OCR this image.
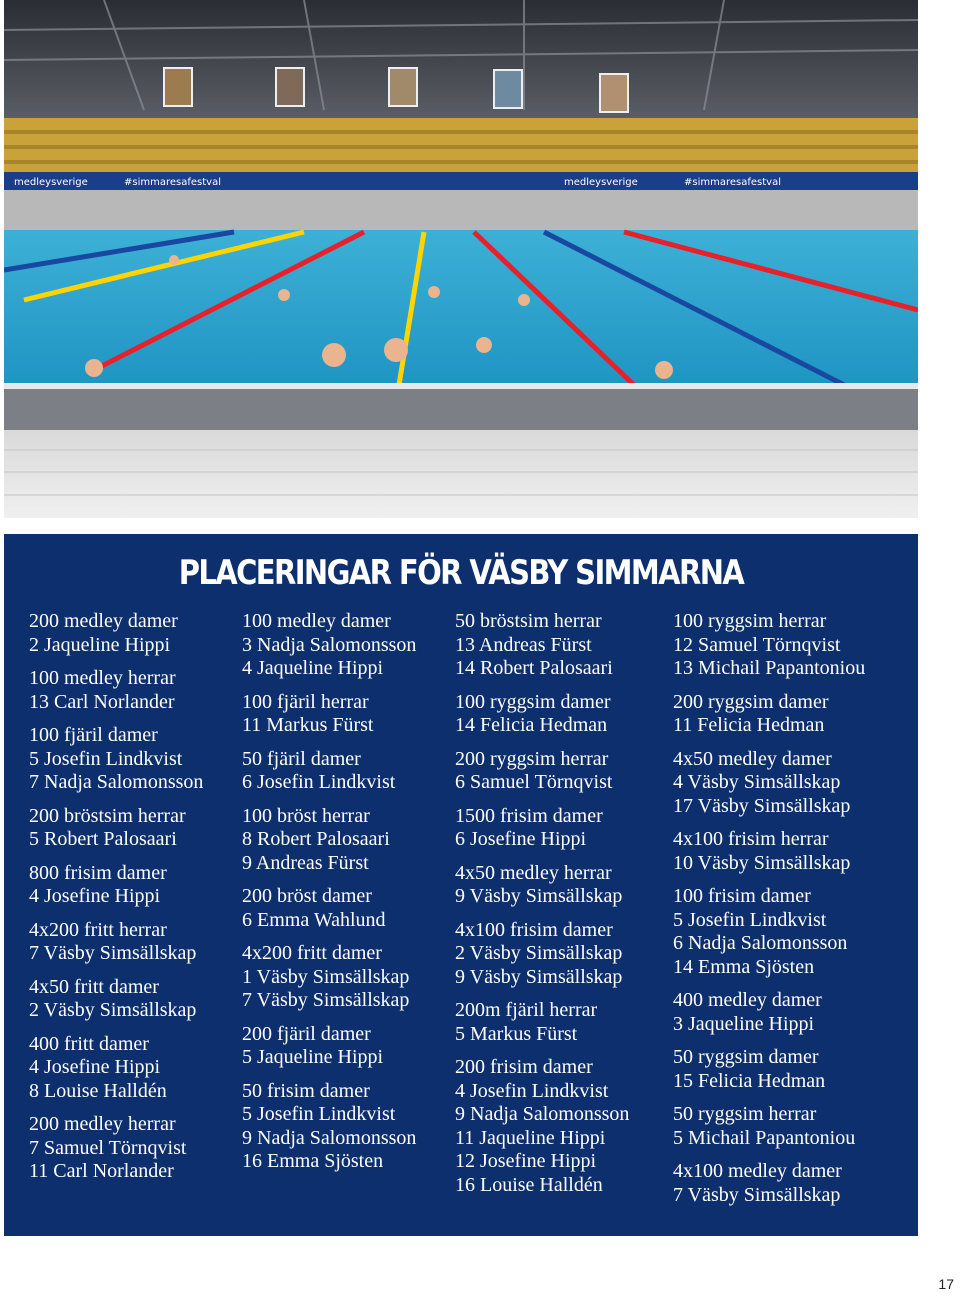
#simmaresafestval
medleysverige	medleysverige	#simmaresafestval
PLACERINGAR FÖR VÄSBY SIMMARNA
200 medley damer
2 Jaqueline Hippi
100 medley herrar
13 Carl Norlander
100 fjäril damer
5 Josefin Lindkvist
7 Nadja Salomonsson
200 bröstsim herrar
5 Robert Palosaari
800 frisim damer
4 Josefine Hippi
4x200 fritt herrar
7 Väsby Simsällskap
4x50 fritt damer
2 Väsby Simsällskap
400 fritt damer
4 Josefine Hippi
8 Louise Halldén
200 medley herrar
7 Samuel Törnqvist
11 Carl Norlander
100 medley damer
3 Nadja Salomonsson
4 Jaqueline Hippi
100 fjäril herrar
11 Markus Fürst
50 fjäril damer
6 Josefin Lindkvist
100 bröst herrar
8 Robert Palosaari
9 Andreas Fürst
200 bröst damer
6 Emma Wahlund
4x200 fritt damer
1 Väsby Simsällskap
7 Väsby Simsällskap
200 fjäril damer
5 Jaqueline Hippi
50 frisim damer
5 Josefin Lindkvist
9 Nadja Salomonsson
16 Emma Sjösten
50 bröstsim herrar
13 Andreas Fürst
14 Robert Palosaari
100 ryggsim damer
14 Felicia Hedman
200 ryggsim herrar
6 Samuel Törnqvist
1500 frisim damer
6 Josefine Hippi
4x50 medley herrar
9 Väsby Simsällskap
4x100 frisim damer
2 Väsby Simsällskap
9 Väsby Simsällskap
200m fjäril herrar
5 Markus Fürst
200 frisim damer
4 Josefin Lindkvist
9 Nadja Salomonsson
11 Jaqueline Hippi
12 Josefine Hippi
16 Louise Halldén
100 ryggsim herrar
12 Samuel Törnqvist
13 Michail Papantoniou
200 ryggsim damer
11 Felicia Hedman
4x50 medley damer
4 Väsby Simsällskap
17 Väsby Simsällskap
4x100 frisim herrar
10 Väsby Simsällskap
100 frisim damer
5 Josefin Lindkvist
6 Nadja Salomonsson
14 Emma Sjösten
400 medley damer
3 Jaqueline Hippi
50 ryggsim damer
15 Felicia Hedman
50 ryggsim herrar
5 Michail Papantoniou
4x100 medley damer
7 Väsby Simsällskap
17
